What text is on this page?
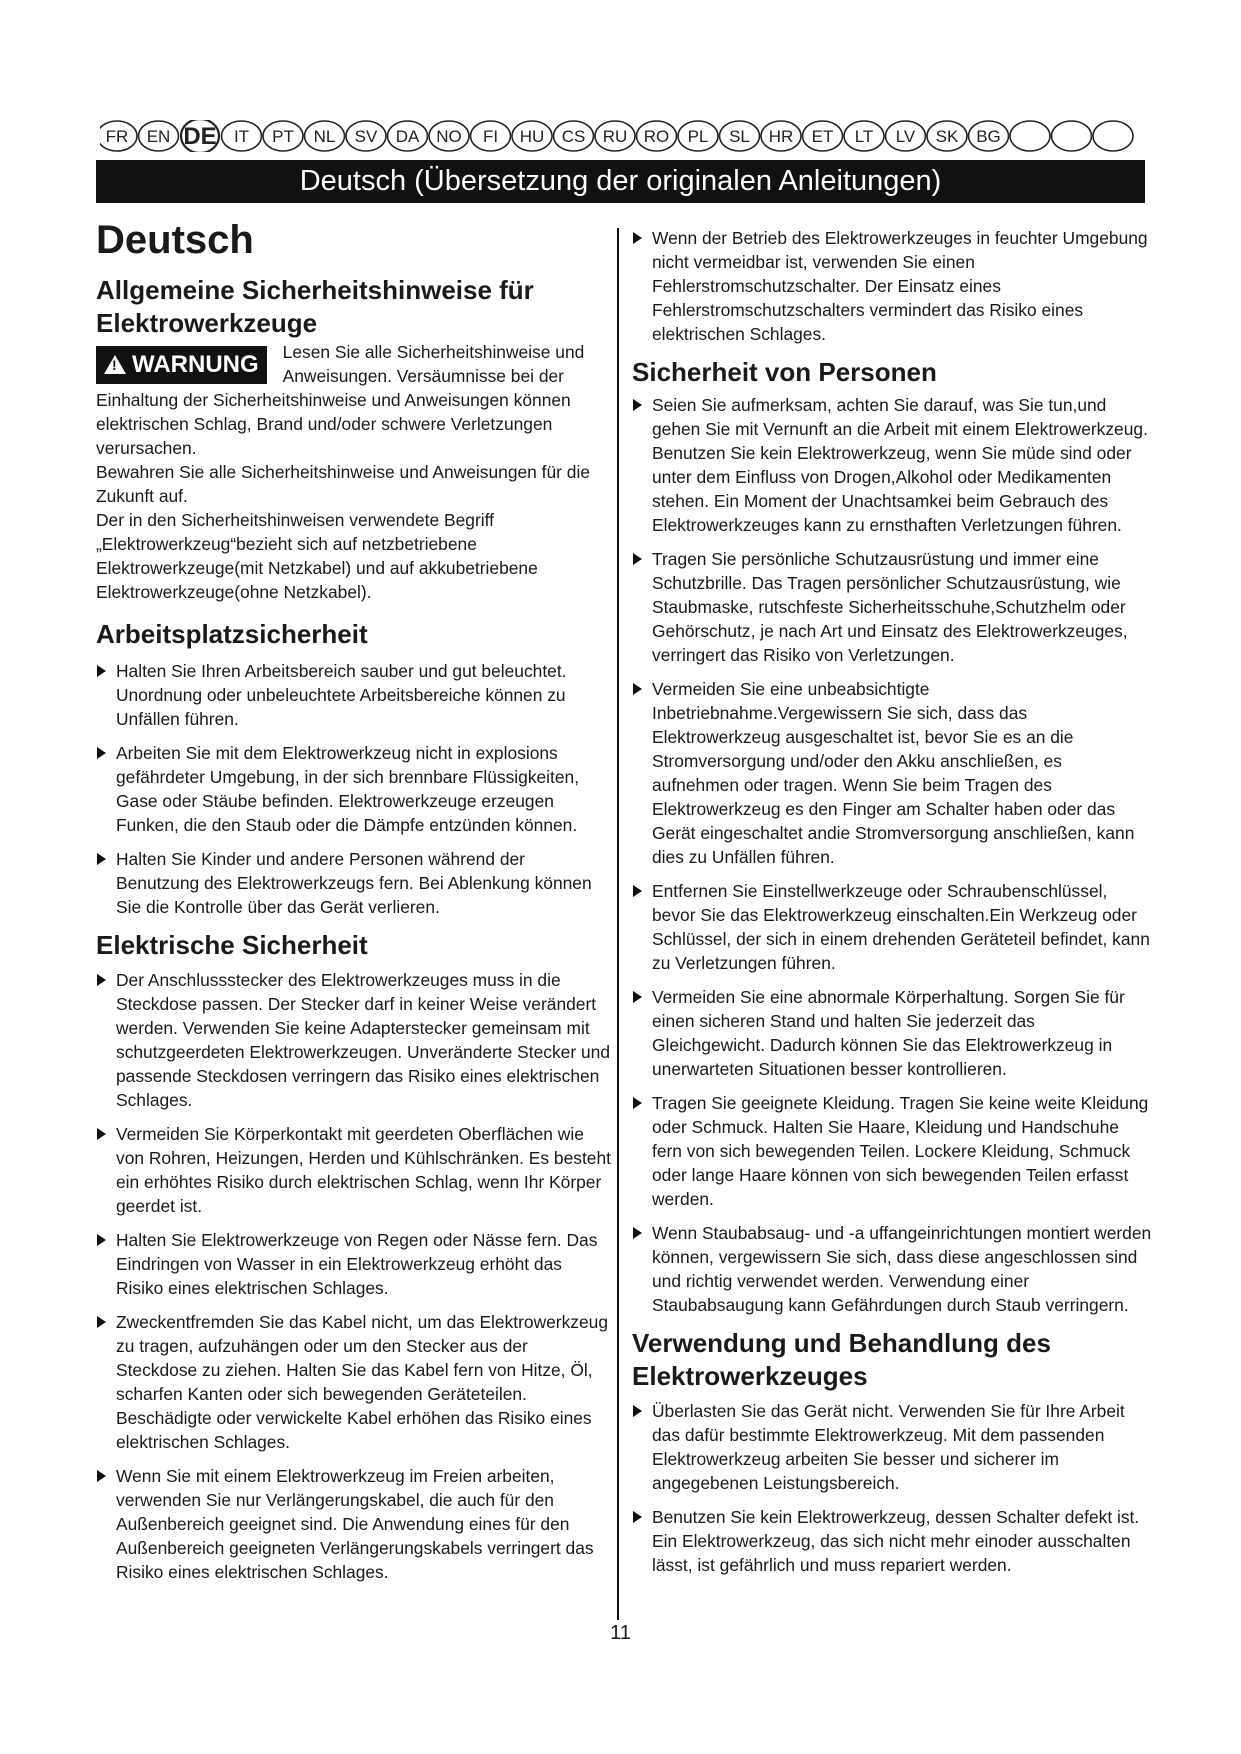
FR EN DE IT PT NL SV DA NO FI HU CS RU RO PL SL HR ET LT LV SK BG
Deutsch (Übersetzung der originalen Anleitungen)
Deutsch
Allgemeine Sicherheitshinweise für Elektrowerkzeuge
!WARNUNG	Lesen Sie alle Sicherheitshinweise und Anweisungen. Versäumnisse bei der Einhaltung der Sicherheitshinweise und Anweisungen können elektrischen Schlag, Brand und/oder schwere Verletzungen verursachen.

Bewahren Sie alle Sicherheitshinweise und Anweisungen für die Zukunft auf.

Der in den Sicherheitshinweisen verwendete Begriff „Elektrowerkzeug“bezieht sich auf netzbetriebene Elektrowerkzeuge(mit Netzkabel) und auf akkubetriebene Elektrowerkzeuge(ohne Netzkabel).

Arbeitsplatzsicherheit
Halten Sie Ihren Arbeitsbereich sauber und gut beleuchtet. Unordnung oder unbeleuchtete Arbeitsbereiche können zu Unfällen führen.
Arbeiten Sie mit dem Elektrowerkzeug nicht in explosions gefährdeter Umgebung, in der sich brennbare Flüssigkeiten, Gase oder Stäube befinden. Elektrowerkzeuge erzeugen Funken, die den Staub oder die Dämpfe entzünden können.
Halten Sie Kinder und andere Personen während der Benutzung des Elektrowerkzeugs fern. Bei Ablenkung können Sie die Kontrolle über das Gerät verlieren.
Elektrische Sicherheit
Der Anschlussstecker des Elektrowerkzeuges muss in die Steckdose passen. Der Stecker darf in keiner Weise verändert werden. Verwenden Sie keine Adapterstecker gemeinsam mit schutzgeerdeten Elektrowerkzeugen. Unveränderte Stecker und passende Steckdosen verringern das Risiko eines elektrischen Schlages.
Vermeiden Sie Körperkontakt mit geerdeten Oberflächen wie von Rohren, Heizungen, Herden und Kühlschränken. Es besteht ein erhöhtes Risiko durch elektrischen Schlag, wenn Ihr Körper geerdet ist.
Halten Sie Elektrowerkzeuge von Regen oder Nässe fern. Das Eindringen von Wasser in ein Elektrowerkzeug erhöht das Risiko eines elektrischen Schlages.
Zweckentfremden Sie das Kabel nicht, um das Elektrowerkzeug zu tragen, aufzuhängen oder um den Stecker aus der Steckdose zu ziehen. Halten Sie das Kabel fern von Hitze, Öl, scharfen Kanten oder sich bewegenden Geräteteilen. Beschädigte oder verwickelte Kabel erhöhen das Risiko eines elektrischen Schlages.
Wenn Sie mit einem Elektrowerkzeug im Freien arbeiten, verwenden Sie nur Verlängerungskabel, die auch für den Außenbereich geeignet sind. Die Anwendung eines für den Außenbereich geeigneten Verlängerungskabels verringert das Risiko eines elektrischen Schlages.
Wenn der Betrieb des Elektrowerkzeuges in feuchter Umgebung nicht vermeidbar ist, verwenden Sie einen Fehlerstromschutzschalter. Der Einsatz eines Fehlerstromschutzschalters vermindert das Risiko eines elektrischen Schlages.
Sicherheit von Personen
Seien Sie aufmerksam, achten Sie darauf, was Sie tun,und gehen Sie mit Vernunft an die Arbeit mit einem Elektrowerkzeug. Benutzen Sie kein Elektrowerkzeug, wenn Sie müde sind oder unter dem Einfluss von Drogen,Alkohol oder Medikamenten stehen. Ein Moment der Unachtsamkei beim Gebrauch des Elektrowerkzeuges kann zu ernsthaften Verletzungen führen.
Tragen Sie persönliche Schutzausrüstung und immer eine Schutzbrille. Das Tragen persönlicher Schutzausrüstung, wie Staubmaske, rutschfeste Sicherheitsschuhe,Schutzhelm oder Gehörschutz, je nach Art und Einsatz des Elektrowerkzeuges, verringert das Risiko von Verletzungen.
Vermeiden Sie eine unbeabsichtigte Inbetriebnahme.Vergewissern Sie sich, dass das Elektrowerkzeug ausgeschaltet ist, bevor Sie es an die Stromversorgung und/oder den Akku anschließen, es aufnehmen oder tragen. Wenn Sie beim Tragen des Elektrowerkzeug es den Finger am Schalter haben oder das Gerät eingeschaltet andie Stromversorgung anschließen, kann dies zu Unfällen führen.
Entfernen Sie Einstellwerkzeuge oder Schraubenschlüssel, bevor Sie das Elektrowerkzeug einschalten.Ein Werkzeug oder Schlüssel, der sich in einem drehenden Geräteteil befindet, kann zu Verletzungen führen.
Vermeiden Sie eine abnormale Körperhaltung. Sorgen Sie für einen sicheren Stand und halten Sie jederzeit das Gleichgewicht. Dadurch können Sie das Elektrowerkzeug in unerwarteten Situationen besser kontrollieren.
Tragen Sie geeignete Kleidung. Tragen Sie keine weite Kleidung oder Schmuck. Halten Sie Haare, Kleidung und Handschuhe fern von sich bewegenden Teilen. Lockere Kleidung, Schmuck oder lange Haare können von sich bewegenden Teilen erfasst werden.
Wenn Staubabsaug- und -a uffangeinrichtungen montiert werden können, vergewissern Sie sich, dass diese angeschlossen sind und richtig verwendet werden. Verwendung einer Staubabsaugung kann Gefährdungen durch Staub verringern.
Verwendung und Behandlung des Elektrowerkzeuges
Überlasten Sie das Gerät nicht. Verwenden Sie für Ihre Arbeit das dafür bestimmte Elektrowerkzeug. Mit dem passenden Elektrowerkzeug arbeiten Sie besser und sicherer im angegebenen Leistungsbereich.
Benutzen Sie kein Elektrowerkzeug, dessen Schalter defekt ist. Ein Elektrowerkzeug, das sich nicht mehr einoder ausschalten lässt, ist gefährlich und muss repariert werden.
11
